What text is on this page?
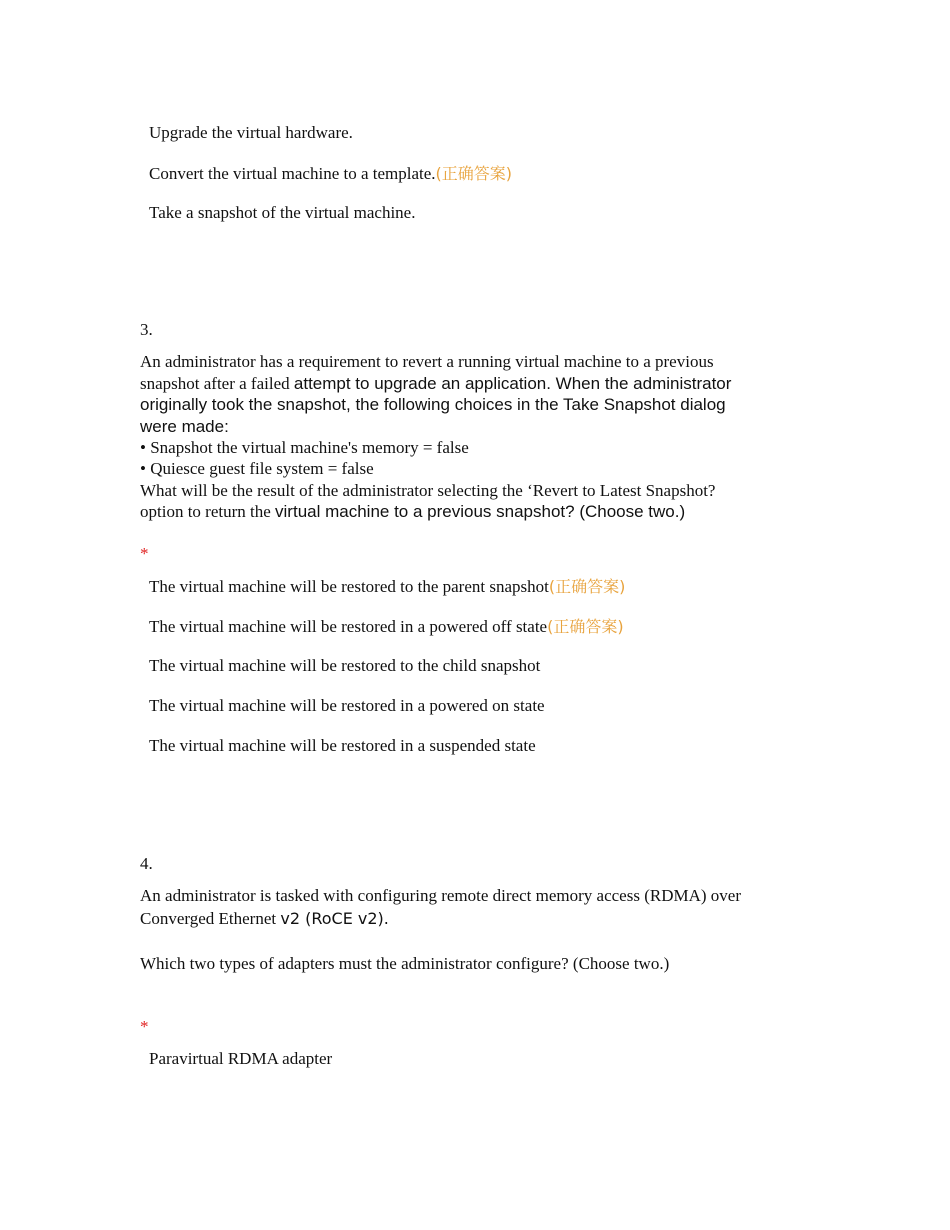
Upgrade the virtual hardware.
Convert the virtual machine to a template.(正确答案)
Take a snapshot of the virtual machine.
3.
An administrator has a requirement to revert a running virtual machine to a previous
snapshot after a failed attempt to upgrade an application. When the administrator
originally took the snapshot, the following choices in the Take Snapshot dialog
were made:
• Snapshot the virtual machine's memory = false
• Quiesce guest file system = false
What will be the result of the administrator selecting the ‘Revert to Latest Snapshot?
option to return the virtual machine to a previous snapshot? (Choose two.)
*
The virtual machine will be restored to the parent snapshot(正确答案)
The virtual machine will be restored in a powered off state(正确答案)
The virtual machine will be restored to the child snapshot
The virtual machine will be restored in a powered on state
The virtual machine will be restored in a suspended state
4.
An administrator is tasked with configuring remote direct memory access (RDMA) over
Converged Ethernet v2 (RoCE v2).
Which two types of adapters must the administrator configure? (Choose two.)
*
Paravirtual RDMA adapter
